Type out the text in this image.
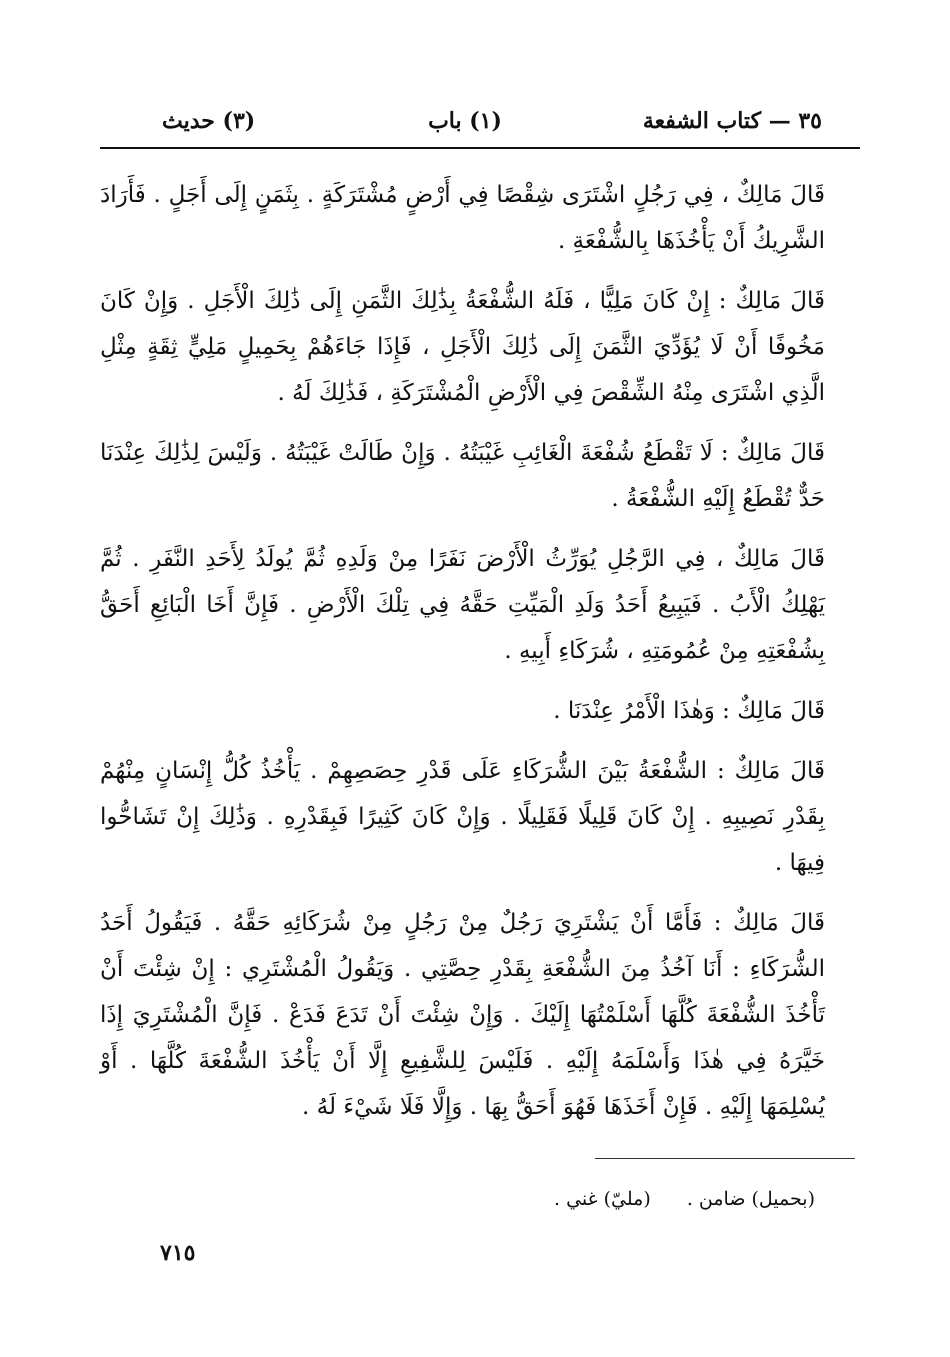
٣٥ — كتاب الشفعة
(١) باب
(٣) حديث

قَالَ مَالِكٌ ، فِي رَجُلٍ اشْتَرَى شِقْصًا فِي أَرْضٍ مُشْتَرَكَةٍ . بِثَمَنٍ إِلَى أَجَلٍ . فَأَرَادَ الشَّرِيكُ أَنْ يَأْخُذَهَا بِالشُّفْعَةِ .

قَالَ مَالِكٌ : إِنْ كَانَ مَلِيًّا ، فَلَهُ الشُّفْعَةُ بِذَٰلِكَ الثَّمَنِ إِلَى ذَٰلِكَ الْأَجَلِ . وَإِنْ كَانَ مَخُوفًا أَنْ لَا يُؤَدِّيَ الثَّمَنَ إِلَى ذَٰلِكَ الْأَجَلِ ، فَإِذَا جَاءَهُمْ بِحَمِيلٍ مَلِيٍّ ثِقَةٍ مِثْلِ الَّذِي اشْتَرَى مِنْهُ الشِّقْصَ فِي الْأَرْضِ الْمُشْتَرَكَةِ ، فَذَٰلِكَ لَهُ .

قَالَ مَالِكٌ : لَا تَقْطَعُ شُفْعَةَ الْغَائِبِ غَيْبَتُهُ . وَإِنْ طَالَتْ غَيْبَتُهُ . وَلَيْسَ لِذَٰلِكَ عِنْدَنَا حَدٌّ تُقْطَعُ إِلَيْهِ الشُّفْعَةُ .

قَالَ مَالِكٌ ، فِي الرَّجُلِ يُوَرِّثُ الْأَرْضَ نَفَرًا مِنْ وَلَدِهِ ثُمَّ يُولَدُ لِأَحَدِ النَّفَرِ . ثُمَّ يَهْلِكُ الْأَبُ . فَيَبِيعُ أَحَدُ وَلَدِ الْمَيِّتِ حَقَّهُ فِي تِلْكَ الْأَرْضِ . فَإِنَّ أَخَا الْبَائِعِ أَحَقُّ بِشُفْعَتِهِ مِنْ عُمُومَتِهِ ، شُرَكَاءِ أَبِيهِ .

قَالَ مَالِكٌ : وَهٰذَا الْأَمْرُ عِنْدَنَا .

قَالَ مَالِكٌ : الشُّفْعَةُ بَيْنَ الشُّرَكَاءِ عَلَى قَدْرِ حِصَصِهِمْ . يَأْخُذُ كُلُّ إِنْسَانٍ مِنْهُمْ بِقَدْرِ نَصِيبِهِ . إِنْ كَانَ قَلِيلًا فَقَلِيلًا . وَإِنْ كَانَ كَثِيرًا فَبِقَدْرِهِ . وَذَٰلِكَ إِنْ تَشَاحُّوا فِيهَا .

قَالَ مَالِكٌ : فَأَمَّا أَنْ يَشْتَرِيَ رَجُلٌ مِنْ رَجُلٍ مِنْ شُرَكَائِهِ حَقَّهُ . فَيَقُولُ أَحَدُ الشُّرَكَاءِ : أَنَا آخُذُ مِنَ الشُّفْعَةِ بِقَدْرِ حِصَّتِي . وَيَقُولُ الْمُشْتَرِي : إِنْ شِئْتَ أَنْ تَأْخُذَ الشُّفْعَةَ كُلَّهَا أَسْلَمْتُهَا إِلَيْكَ . وَإِنْ شِئْتَ أَنْ تَدَعَ فَدَعْ . فَإِنَّ الْمُشْتَرِيَ إِذَا خَيَّرَهُ فِي هٰذَا وَأَسْلَمَهُ إِلَيْهِ . فَلَيْسَ لِلشَّفِيعِ إِلَّا أَنْ يَأْخُذَ الشُّفْعَةَ كُلَّهَا . أَوْ يُسْلِمَهَا إِلَيْهِ . فَإِنْ أَخَذَهَا فَهُوَ أَحَقُّ بِهَا . وَإِلَّا فَلَا شَيْءَ لَهُ .

(بحميل) ضامن . (مليّ) غني .
٧١٥
